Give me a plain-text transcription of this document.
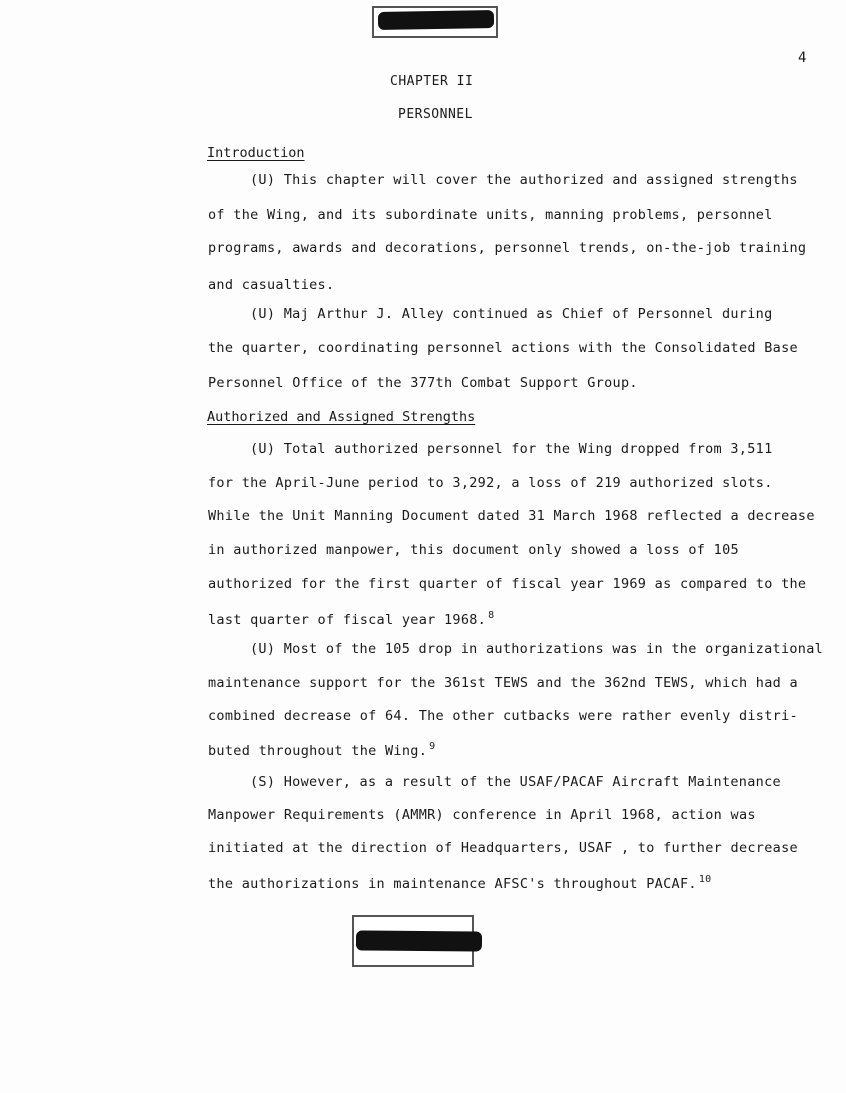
4
CHAPTER II
PERSONNEL
Introduction
(U) This chapter will cover the authorized and assigned strengths
of the Wing, and its subordinate units, manning problems, personnel
programs, awards and decorations, personnel trends, on-the-job training
and casualties.
(U) Maj Arthur J. Alley continued as Chief of Personnel during
the quarter, coordinating personnel actions with the Consolidated Base
Personnel Office of the 377th Combat Support Group.
Authorized and Assigned Strengths
(U) Total authorized personnel for the Wing dropped from 3,511
for the April-June period to 3,292, a loss of 219 authorized slots.
While the Unit Manning Document dated 31 March 1968 reflected a decrease
in authorized manpower, this document only showed a loss of 105
authorized for the first quarter of fiscal year 1969 as compared to the
last quarter of fiscal year 1968. $^8$
(U) Most of the 105 drop in authorizations was in the organizational
maintenance support for the 361st TEWS and the 362nd TEWS, which had a
combined decrease of 64. The other cutbacks were rather evenly distri-
buted throughout the Wing. $^9$
(S) However, as a result of the USAF/PACAF Aircraft Maintenance
Manpower Requirements (AMMR) conference in April 1968, action was
initiated at the direction of Headquarters, USAF , to further decrease
the authorizations in maintenance AFSC's throughout PACAF. $^{10}$
